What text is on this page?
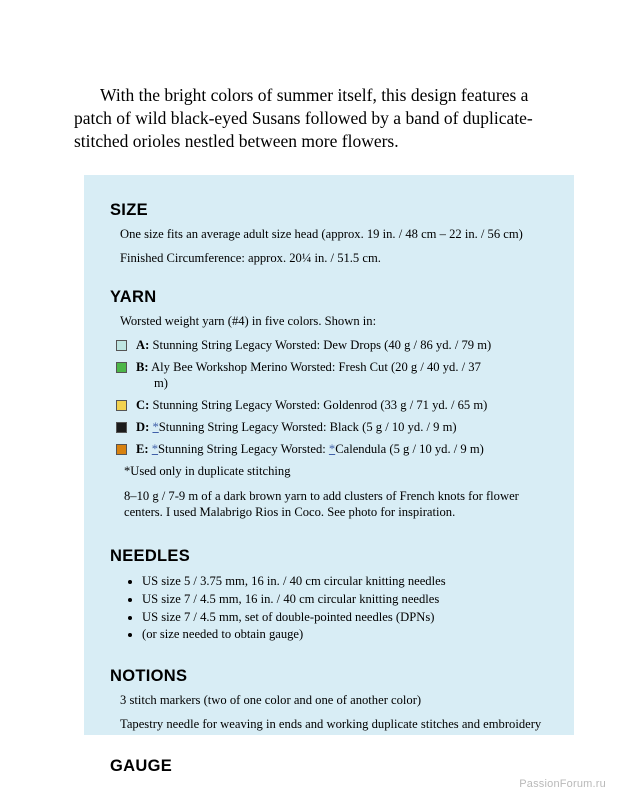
With the bright colors of summer itself, this design features a patch of wild black-eyed Susans followed by a band of duplicate-stitched orioles nestled between more flowers.

SIZE

One size fits an average adult size head (approx. 19 in. / 48 cm – 22 in. / 56 cm)

Finished Circumference: approx. 20¼ in. / 51.5 cm.

YARN

Worsted weight yarn (#4) in five colors. Shown in:

A: Stunning String Legacy Worsted: Dew Drops (40 g / 86 yd. / 79 m)
B: Aly Bee Workshop Merino Worsted: Fresh Cut (20 g / 40 yd. / 37
m)
C: Stunning String Legacy Worsted: Goldenrod (33 g / 71 yd. / 65 m)
D: *Stunning String Legacy Worsted: Black (5 g / 10 yd. / 9 m)
E: *Stunning String Legacy Worsted: *Calendula (5 g / 10 yd. / 9 m)

*Used only in duplicate stitching

8–10 g / 7-9 m of a dark brown yarn to add clusters of French knots for flower centers. I used Malabrigo Rios in Coco. See photo for inspiration.

NEEDLES
• US size 5 / 3.75 mm, 16 in. / 40 cm circular knitting needles
• US size 7 / 4.5 mm, 16 in. / 40 cm circular knitting needles
• US size 7 / 4.5 mm, set of double-pointed needles (DPNs)
• (or size needed to obtain gauge)
NOTIONS

3 stitch markers (two of one color and one of another color)

Tapestry needle for weaving in ends and working duplicate stitches and embroidery

GAUGE
PassionForum.ru
